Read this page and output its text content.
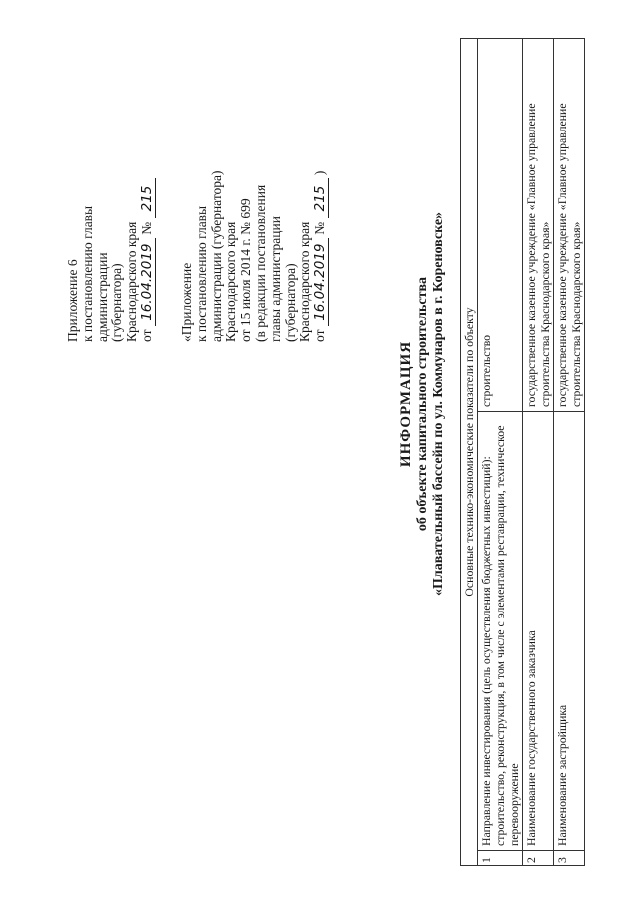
Приложение 6 к постановлению главы администрации (губернатора) Краснодарского края от 16.04.2019 № 215
«Приложение к постановлению главы администрации (губернатора) Краснодарского края от 15 июля 2014 г. № 699 (в редакции постановления главы администрации (губернатора) Краснодарского края от 16.04.2019 № 215 )
ИНФОРМАЦИЯ об объекте капитального строительства «Плавательный бассейн по ул. Коммунаров в г. Кореновске» Основные технико-экономические показатели по объекту		
1	Направление инвестирования (цель осуществления бюджетных инвестиций): строительство, реконструкция, в том числе с элементами реставрации, техническое перевооружение	строительство
2	Наименование государственного заказчика	государственное казенное учреждение «Главное управление строительства Краснодарского края»
3	Наименование застройщика	государственное казенное учреждение «Главное управление строительства Краснодарского края»
